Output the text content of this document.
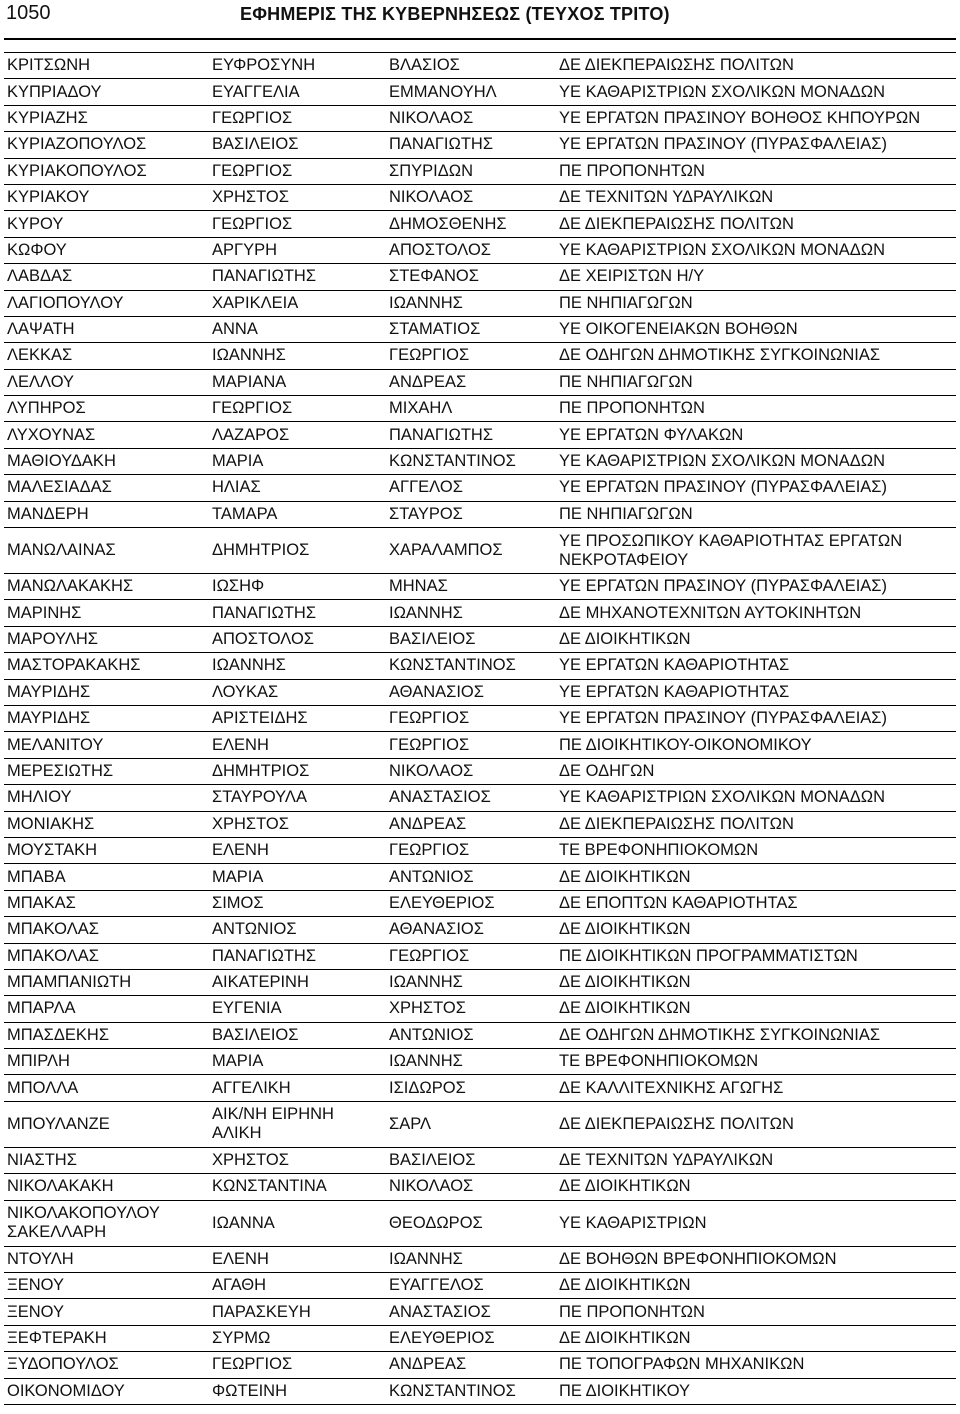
1050	ΕΦΗΜΕΡΙΣ ΤΗΣ ΚΥΒΕΡΝΗΣΕΩΣ (ΤΕΥΧΟΣ ΤΡΙΤΟ)
ΚΡΙΤΣΩΝΗ	ΕΥΦΡΟΣΥΝΗ	ΒΛΑΣΙΟΣ	ΔΕ ΔΙΕΚΠΕΡΑΙΩΣΗΣ ΠΟΛΙΤΩΝ
ΚΥΠΡΙΑΔΟΥ	ΕΥΑΓΓΕΛΙΑ	ΕΜΜΑΝΟΥΗΛ	ΥΕ ΚΑΘΑΡΙΣΤΡΙΩΝ ΣΧΟΛΙΚΩΝ ΜΟΝΑΔΩΝ
ΚΥΡΙΑΖΗΣ	ΓΕΩΡΓΙΟΣ	ΝΙΚΟΛΑΟΣ	ΥΕ ΕΡΓΑΤΩΝ ΠΡΑΣΙΝΟΥ ΒΟΗΘΟΣ ΚΗΠΟΥΡΩΝ
ΚΥΡΙΑΖΟΠΟΥΛΟΣ	ΒΑΣΙΛΕΙΟΣ	ΠΑΝΑΓΙΩΤΗΣ	ΥΕ ΕΡΓΑΤΩΝ ΠΡΑΣΙΝΟΥ (ΠΥΡΑΣΦΑΛΕΙΑΣ)
ΚΥΡΙΑΚΟΠΟΥΛΟΣ	ΓΕΩΡΓΙΟΣ	ΣΠΥΡΙΔΩΝ	ΠΕ ΠΡΟΠΟΝΗΤΩΝ
ΚΥΡΙΑΚΟΥ	ΧΡΗΣΤΟΣ	ΝΙΚΟΛΑΟΣ	ΔΕ ΤΕΧΝΙΤΩΝ ΥΔΡΑΥΛΙΚΩΝ
ΚΥΡΟΥ	ΓΕΩΡΓΙΟΣ	ΔΗΜΟΣΘΕΝΗΣ	ΔΕ ΔΙΕΚΠΕΡΑΙΩΣΗΣ ΠΟΛΙΤΩΝ
ΚΩΦΟΥ	ΑΡΓΥΡΗ	ΑΠΟΣΤΟΛΟΣ	ΥΕ ΚΑΘΑΡΙΣΤΡΙΩΝ ΣΧΟΛΙΚΩΝ ΜΟΝΑΔΩΝ
ΛΑΒΔΑΣ	ΠΑΝΑΓΙΩΤΗΣ	ΣΤΕΦΑΝΟΣ	ΔΕ ΧΕΙΡΙΣΤΩΝ Η/Υ
ΛΑΓΙΟΠΟΥΛΟΥ	ΧΑΡΙΚΛΕΙΑ	ΙΩΑΝΝΗΣ	ΠΕ ΝΗΠΙΑΓΩΓΩΝ
ΛΑΨΑΤΗ	ΑΝΝΑ	ΣΤΑΜΑΤΙΟΣ	ΥΕ ΟΙΚΟΓΕΝΕΙΑΚΩΝ ΒΟΗΘΩΝ
ΛΕΚΚΑΣ	ΙΩΑΝΝΗΣ	ΓΕΩΡΓΙΟΣ	ΔΕ ΟΔΗΓΩΝ ΔΗΜΟΤΙΚΗΣ ΣΥΓΚΟΙΝΩΝΙΑΣ
ΛΕΛΛΟΥ	ΜΑΡΙΑΝΑ	ΑΝΔΡΕΑΣ	ΠΕ ΝΗΠΙΑΓΩΓΩΝ
ΛΥΠΗΡΟΣ	ΓΕΩΡΓΙΟΣ	ΜΙΧΑΗΛ	ΠΕ ΠΡΟΠΟΝΗΤΩΝ
ΛΥΧΟΥΝΑΣ	ΛΑΖΑΡΟΣ	ΠΑΝΑΓΙΩΤΗΣ	ΥΕ ΕΡΓΑΤΩΝ ΦΥΛΑΚΩΝ
ΜΑΘΙΟΥΔΑΚΗ	ΜΑΡΙΑ	ΚΩΝΣΤΑΝΤΙΝΟΣ	ΥΕ ΚΑΘΑΡΙΣΤΡΙΩΝ ΣΧΟΛΙΚΩΝ ΜΟΝΑΔΩΝ
ΜΑΛΕΣΙΑΔΑΣ	ΗΛΙΑΣ	ΑΓΓΕΛΟΣ	ΥΕ ΕΡΓΑΤΩΝ ΠΡΑΣΙΝΟΥ (ΠΥΡΑΣΦΑΛΕΙΑΣ)
ΜΑΝΔΕΡΗ	ΤΑΜΑΡΑ	ΣΤΑΥΡΟΣ	ΠΕ ΝΗΠΙΑΓΩΓΩΝ
ΜΑΝΩΛΑΙΝΑΣ	ΔΗΜΗΤΡΙΟΣ	ΧΑΡΑΛΑΜΠΟΣ	ΥΕ ΠΡΟΣΩΠΙΚΟΥ ΚΑΘΑΡΙΟΤΗΤΑΣ ΕΡΓΑΤΩΝ ΝΕΚΡΟΤΑΦΕΙΟΥ
ΜΑΝΩΛΑΚΑΚΗΣ	ΙΩΣΗΦ	ΜΗΝΑΣ	ΥΕ ΕΡΓΑΤΩΝ ΠΡΑΣΙΝΟΥ (ΠΥΡΑΣΦΑΛΕΙΑΣ)
ΜΑΡΙΝΗΣ	ΠΑΝΑΓΙΩΤΗΣ	ΙΩΑΝΝΗΣ	ΔΕ ΜΗΧΑΝΟΤΕΧΝΙΤΩΝ ΑΥΤΟΚΙΝΗΤΩΝ
ΜΑΡΟΥΛΗΣ	ΑΠΟΣΤΟΛΟΣ	ΒΑΣΙΛΕΙΟΣ	ΔΕ ΔΙΟΙΚΗΤΙΚΩΝ
ΜΑΣΤΟΡΑΚΑΚΗΣ	ΙΩΑΝΝΗΣ	ΚΩΝΣΤΑΝΤΙΝΟΣ	ΥΕ ΕΡΓΑΤΩΝ ΚΑΘΑΡΙΟΤΗΤΑΣ
ΜΑΥΡΙΔΗΣ	ΛΟΥΚΑΣ	ΑΘΑΝΑΣΙΟΣ	ΥΕ ΕΡΓΑΤΩΝ ΚΑΘΑΡΙΟΤΗΤΑΣ
ΜΑΥΡΙΔΗΣ	ΑΡΙΣΤΕΙΔΗΣ	ΓΕΩΡΓΙΟΣ	ΥΕ ΕΡΓΑΤΩΝ ΠΡΑΣΙΝΟΥ (ΠΥΡΑΣΦΑΛΕΙΑΣ)
ΜΕΛΑΝΙΤΟΥ	ΕΛΕΝΗ	ΓΕΩΡΓΙΟΣ	ΠΕ ΔΙΟΙΚΗΤΙΚΟΥ-ΟΙΚΟΝΟΜΙΚΟΥ
ΜΕΡΕΣΙΩΤΗΣ	ΔΗΜΗΤΡΙΟΣ	ΝΙΚΟΛΑΟΣ	ΔΕ ΟΔΗΓΩΝ
ΜΗΛΙΟΥ	ΣΤΑΥΡΟΥΛΑ	ΑΝΑΣΤΑΣΙΟΣ	ΥΕ ΚΑΘΑΡΙΣΤΡΙΩΝ ΣΧΟΛΙΚΩΝ ΜΟΝΑΔΩΝ
ΜΟΝΙΑΚΗΣ	ΧΡΗΣΤΟΣ	ΑΝΔΡΕΑΣ	ΔΕ ΔΙΕΚΠΕΡΑΙΩΣΗΣ ΠΟΛΙΤΩΝ
ΜΟΥΣΤΑΚΗ	ΕΛΕΝΗ	ΓΕΩΡΓΙΟΣ	ΤΕ ΒΡΕΦΟΝΗΠΙΟΚΟΜΩΝ
ΜΠΑΒΑ	ΜΑΡΙΑ	ΑΝΤΩΝΙΟΣ	ΔΕ ΔΙΟΙΚΗΤΙΚΩΝ
ΜΠΑΚΑΣ	ΣΙΜΟΣ	ΕΛΕΥΘΕΡΙΟΣ	ΔΕ ΕΠΟΠΤΩΝ ΚΑΘΑΡΙΟΤΗΤΑΣ
ΜΠΑΚΟΛΑΣ	ΑΝΤΩΝΙΟΣ	ΑΘΑΝΑΣΙΟΣ	ΔΕ ΔΙΟΙΚΗΤΙΚΩΝ
ΜΠΑΚΟΛΑΣ	ΠΑΝΑΓΙΩΤΗΣ	ΓΕΩΡΓΙΟΣ	ΠΕ ΔΙΟΙΚΗΤΙΚΩΝ ΠΡΟΓΡΑΜΜΑΤΙΣΤΩΝ
ΜΠΑΜΠΑΝΙΩΤΗ	ΑΙΚΑΤΕΡΙΝΗ	ΙΩΑΝΝΗΣ	ΔΕ ΔΙΟΙΚΗΤΙΚΩΝ
ΜΠΑΡΛΑ	ΕΥΓΕΝΙΑ	ΧΡΗΣΤΟΣ	ΔΕ ΔΙΟΙΚΗΤΙΚΩΝ
ΜΠΑΣΔΕΚΗΣ	ΒΑΣΙΛΕΙΟΣ	ΑΝΤΩΝΙΟΣ	ΔΕ ΟΔΗΓΩΝ ΔΗΜΟΤΙΚΗΣ ΣΥΓΚΟΙΝΩΝΙΑΣ
ΜΠΙΡΛΗ	ΜΑΡΙΑ	ΙΩΑΝΝΗΣ	ΤΕ ΒΡΕΦΟΝΗΠΙΟΚΟΜΩΝ
ΜΠΟΛΛΑ	ΑΓΓΕΛΙΚΗ	ΙΣΙΔΩΡΟΣ	ΔΕ ΚΑΛΛΙΤΕΧΝΙΚΗΣ ΑΓΩΓΗΣ
ΜΠΟΥΛΑΝΖΕ	ΑΙΚ/ΝΗ ΕΙΡΗΝΗ ΑΛΙΚΗ	ΣΑΡΛ	ΔΕ ΔΙΕΚΠΕΡΑΙΩΣΗΣ ΠΟΛΙΤΩΝ
ΝΙΑΣΤΗΣ	ΧΡΗΣΤΟΣ	ΒΑΣΙΛΕΙΟΣ	ΔΕ ΤΕΧΝΙΤΩΝ ΥΔΡΑΥΛΙΚΩΝ
ΝΙΚΟΛΑΚΑΚΗ	ΚΩΝΣΤΑΝΤΙΝΑ	ΝΙΚΟΛΑΟΣ	ΔΕ ΔΙΟΙΚΗΤΙΚΩΝ
ΝΙΚΟΛΑΚΟΠΟΥΛΟΥ ΣΑΚΕΛΛΑΡΗ	ΙΩΑΝΝΑ	ΘΕΟΔΩΡΟΣ	ΥΕ ΚΑΘΑΡΙΣΤΡΙΩΝ
ΝΤΟΥΛΗ	ΕΛΕΝΗ	ΙΩΑΝΝΗΣ	ΔΕ ΒΟΗΘΩΝ ΒΡΕΦΟΝΗΠΙΟΚΟΜΩΝ
ΞΕΝΟΥ	ΑΓΑΘΗ	ΕΥΑΓΓΕΛΟΣ	ΔΕ ΔΙΟΙΚΗΤΙΚΩΝ
ΞΕΝΟΥ	ΠΑΡΑΣΚΕΥΗ	ΑΝΑΣΤΑΣΙΟΣ	ΠΕ ΠΡΟΠΟΝΗΤΩΝ
ΞΕΦΤΕΡΑΚΗ	ΣΥΡΜΩ	ΕΛΕΥΘΕΡΙΟΣ	ΔΕ ΔΙΟΙΚΗΤΙΚΩΝ
ΞΥΔΟΠΟΥΛΟΣ	ΓΕΩΡΓΙΟΣ	ΑΝΔΡΕΑΣ	ΠΕ ΤΟΠΟΓΡΑΦΩΝ ΜΗΧΑΝΙΚΩΝ
ΟΙΚΟΝΟΜΙΔΟΥ	ΦΩΤΕΙΝΗ	ΚΩΝΣΤΑΝΤΙΝΟΣ	ΠΕ ΔΙΟΙΚΗΤΙΚΟΥ
